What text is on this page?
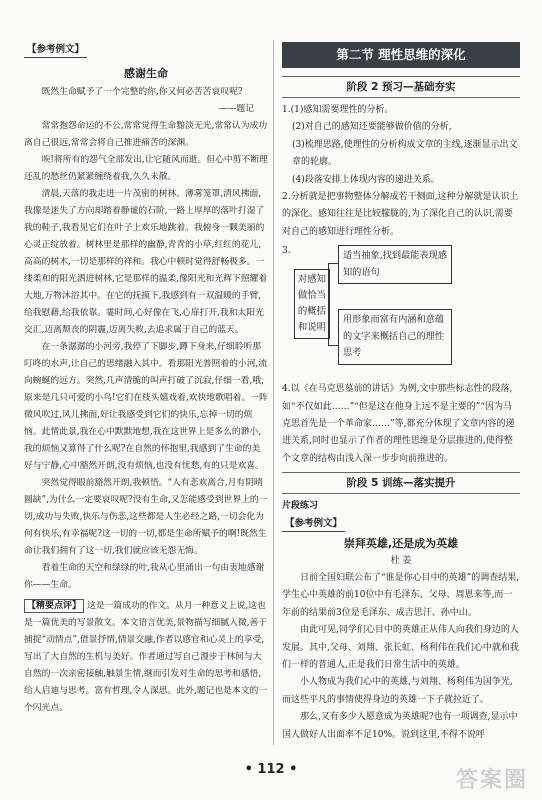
【参考例文】
感谢生命

既然生命赋予了一个完整的你,你又何必苦苦哀叹呢?

——题记

常常抱怨命运的不公,常常觉得生命黯淡无光,常常认为成功离自己很远,常常会将自己推进痛苦的深渊。

唉!将所有的怨气全部发出,让它随风而逝。但心中剪不断理还乱的愁丝仍紧紧缠绕着我,久久未散。

清晨,天落的我走进一片茂密的树林。薄雾笼罩,清风拂面,我像是迷失了方向却踏着静谧的石阶,一路上厚厚的落叶打湿了我的鞋子,我看见它们在叶子上欢乐地跳着。我俯身一颗美丽的心灵正绽放着。树林里是那样的幽静,青青的小草,红红的花儿,高高的树木,一切是那样的祥和。我心中顿时觉得舒畅极多。一缕柔和的阳光洒进树林,它是那样的温柔,像阳光和光辉下照耀着大地,万物沐浴其中。在它的抚摸下,我感到有一双温暖的手臂,给我慰藉,给我依靠。霎时间,心好像在飞,心扉打开,我和太阳光交汇,迈离颓丧的阴霾,迈离失败,去追求属于自己的蓝天。

在一条潺潺的小河旁,我停了下脚步,蹲下身来,仔细聆听那叮咚的水声,让自己的思绪融入其中。看那阳光普照着的小河,流向蜿蜒的远方。突然,几声清脆的叫声打破了沉寂,仔细一看,哦,原来是几只可爱的小鸟!它们在枝头嬉戏着,欢快地歌唱着。一阵微风吹过,风儿拂面,好让我感受到它们的快乐,忘掉一切的烦恼。此情此景,我在心中默默地想,我在这世界上是多么的渺小,我的烦恼又算得了什么呢?在自然的怀抱里,我感到了生命的美好与宁静,心中豁然开朗,没有烦恼,也没有忧愁,有的只是欢喜。

突然觉得眼前豁然开朗,我顿悟。“人有悲欢离合,月有阴晴圆缺”,为什么一定要哀叹呢?没有生命,又怎能感受到世界上的一切,成功与失败,快乐与伤悲,这些都是人生必经之路,一切会化为何有快乐,有幸福呢?这一切的一切,都是生命所赋予的啊!既然生命让我们拥有了这一切,我们就应该无怨无悔。

看着生命的天空和绿绿的叶,我从心里涌出一句由衷地感谢你——生命。

【精要点评】 这是一篇成功的作文。从月一种意义上说,这也是一篇优美的写景散文。本文语言优美,景物描写细腻入微,善于捕捉“动情点”,借景抒情,情景交融,作者以感官和心灵上的享受,写出了大自然的生机与美好。作者通过写自己漫步于林间与大自然的一次亲密接触,触景生情,继而引发对生命的思考和感悟,给人启迪与思考。富有哲理,令人深思。此外,题记也是本文的一个闪光点。

第二节 理性思维的深化
阶段 2 预习—基础夯实

1.(1)感知需要理性的分析。

(2)对自己的感知还要能够做价值的分析,

(3)梳理思路,使理性的分析构成文章的主线,逐渐显示出文章的轮廓。

(4)段落安排上体现内容的递进关系。

2.分析就是把事物整体分解成若干侧面,这种分解就是认识上的深化。感知往往是比较朦胧的,为了深化自己的认识,需要对自己的感知进行理性分析。

3.
对感知做恰当的概括和说明
适当抽象,找到最能表现感知的语句
用形象而富有内涵和意蕴的文字来概括自己的理性思考

4.以《在马克思墓前的讲话》为例,文中那些标志性的段落,如“不仅如此……”“但是这在他身上远不是主要的”“因为马克思首先是一个革命家……”等,都充分体现了文章内容的递进关系,同时也显示了作者的理性思维是分层推进的,使得整个文章的结构由浅入深一步步向前推进的。

阶段 5 训练—落实提升

片段练习

【参考例文】

崇拜英雄,还是成为英雄

杜 姜

日前全国妇联公布了“谁是你心目中的英雄”的调查结果,学生心中英雄的前10位中有毛泽东、父母、周恩来等,而一年前的结果前3位是毛泽东、成吉思汗、孙中山。

由此可见,同学们心目中的英雄正从伟人向我们身边的人发展。其中,父母、刘翔、张长虹、杨利伟在我们心中就和我们一样的普通人,正是我们日常生活中的英雄。

小人物成为我们心中的英雄,与刘翔、杨利伟为国争光,而这些平凡的事情使得身边的英雄一下子就拉近了。

那么,又有多少人愿意成为英雄呢?也有一项调查,显示中国人做好人出面率不足10%。说到这里,不得不说呼

• 112 •	答案圈
